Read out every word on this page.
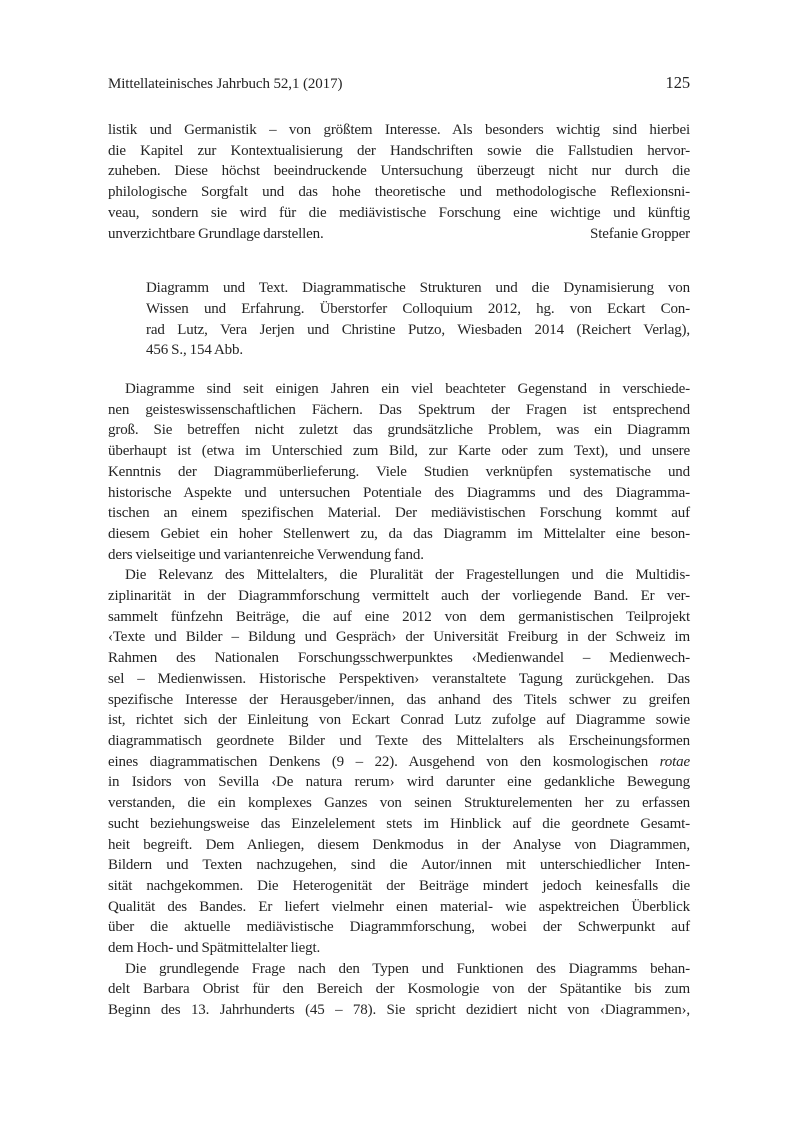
Mittellateinisches Jahrbuch 52,1 (2017)	125
listik und Germanistik – von größtem Interesse. Als besonders wichtig sind hierbei
die Kapitel zur Kontextualisierung der Handschriften sowie die Fallstudien hervor-
zuheben. Diese höchst beeindruckende Untersuchung überzeugt nicht nur durch die
philologische Sorgfalt und das hohe theoretische und methodologische Reflexionsni-
veau, sondern sie wird für die mediävistische Forschung eine wichtige und künftig
unverzichtbare Grundlage darstellen.	Stefanie Gropper
Diagramm und Text. Diagrammatische Strukturen und die Dynamisierung von
Wissen und Erfahrung. Überstorfer Colloquium 2012, hg. von Eckart Con-
rad Lutz, Vera Jerjen und Christine Putzo, Wiesbaden 2014 (Reichert Verlag),
456 S., 154 Abb.
Diagramme sind seit einigen Jahren ein viel beachteter Gegenstand in verschiede-
nen geisteswissenschaftlichen Fächern. Das Spektrum der Fragen ist entsprechend
groß. Sie betreffen nicht zuletzt das grundsätzliche Problem, was ein Diagramm
überhaupt ist (etwa im Unterschied zum Bild, zur Karte oder zum Text), und unsere
Kenntnis der Diagrammüberlieferung. Viele Studien verknüpfen systematische und
historische Aspekte und untersuchen Potentiale des Diagramms und des Diagramma-
tischen an einem spezifischen Material. Der mediävistischen Forschung kommt auf
diesem Gebiet ein hoher Stellenwert zu, da das Diagramm im Mittelalter eine beson-
ders vielseitige und variantenreiche Verwendung fand.
Die Relevanz des Mittelalters, die Pluralität der Fragestellungen und die Multidis-
ziplinarität in der Diagrammforschung vermittelt auch der vorliegende Band. Er ver-
sammelt fünfzehn Beiträge, die auf eine 2012 von dem germanistischen Teilprojekt
‹Texte und Bilder – Bildung und Gespräch› der Universität Freiburg in der Schweiz im
Rahmen des Nationalen Forschungsschwerpunktes ‹Medienwandel – Medienwech-
sel – Medienwissen. Historische Perspektiven› veranstaltete Tagung zurückgehen. Das
spezifische Interesse der Herausgeber/innen, das anhand des Titels schwer zu greifen
ist, richtet sich der Einleitung von Eckart Conrad Lutz zufolge auf Diagramme sowie
diagrammatisch geordnete Bilder und Texte des Mittelalters als Erscheinungsformen
eines diagrammatischen Denkens (9 – 22). Ausgehend von den kosmologischen rotae
in Isidors von Sevilla ‹De natura rerum› wird darunter eine gedankliche Bewegung
verstanden, die ein komplexes Ganzes von seinen Strukturelementen her zu erfassen
sucht beziehungsweise das Einzelelement stets im Hinblick auf die geordnete Gesamt-
heit begreift. Dem Anliegen, diesem Denkmodus in der Analyse von Diagrammen,
Bildern und Texten nachzugehen, sind die Autor/innen mit unterschiedlicher Inten-
sität nachgekommen. Die Heterogenität der Beiträge mindert jedoch keinesfalls die
Qualität des Bandes. Er liefert vielmehr einen material- wie aspektreichen Überblick
über die aktuelle mediävistische Diagrammforschung, wobei der Schwerpunkt auf
dem Hoch- und Spätmittelalter liegt.
Die grundlegende Frage nach den Typen und Funktionen des Diagramms behan-
delt Barbara Obrist für den Bereich der Kosmologie von der Spätantike bis zum
Beginn des 13. Jahrhunderts (45 – 78). Sie spricht dezidiert nicht von ‹Diagrammen›,
